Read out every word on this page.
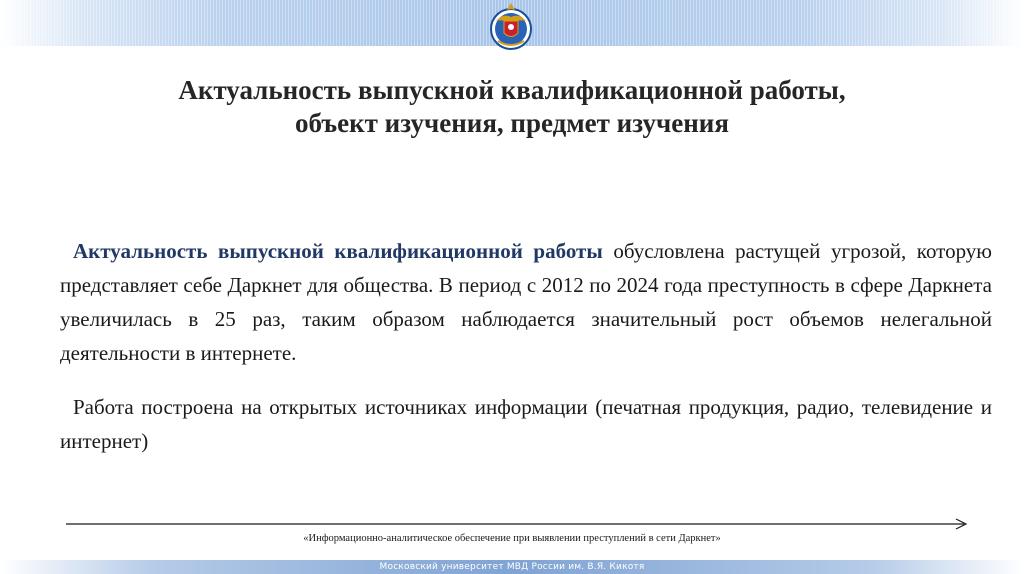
Актуальность выпускной квалификационной работы,
объект изучения, предмет изучения

Актуальность выпускной квалификационной работы обусловлена растущей угрозой, которую представляет себе Даркнет для общества. В период с 2012 по 2024 года преступность в сфере Даркнета увеличилась в 25 раз, таким образом наблюдается значительный рост объемов нелегальной деятельности в интернете.

Работа построена на открытых источниках информации (печатная продукция, радио, телевидение и интернет)

«Информационно-аналитическое обеспечение при выявлении преступлений в сети Даркнет»
Московский университет МВД России им. В.Я. Кикотя
